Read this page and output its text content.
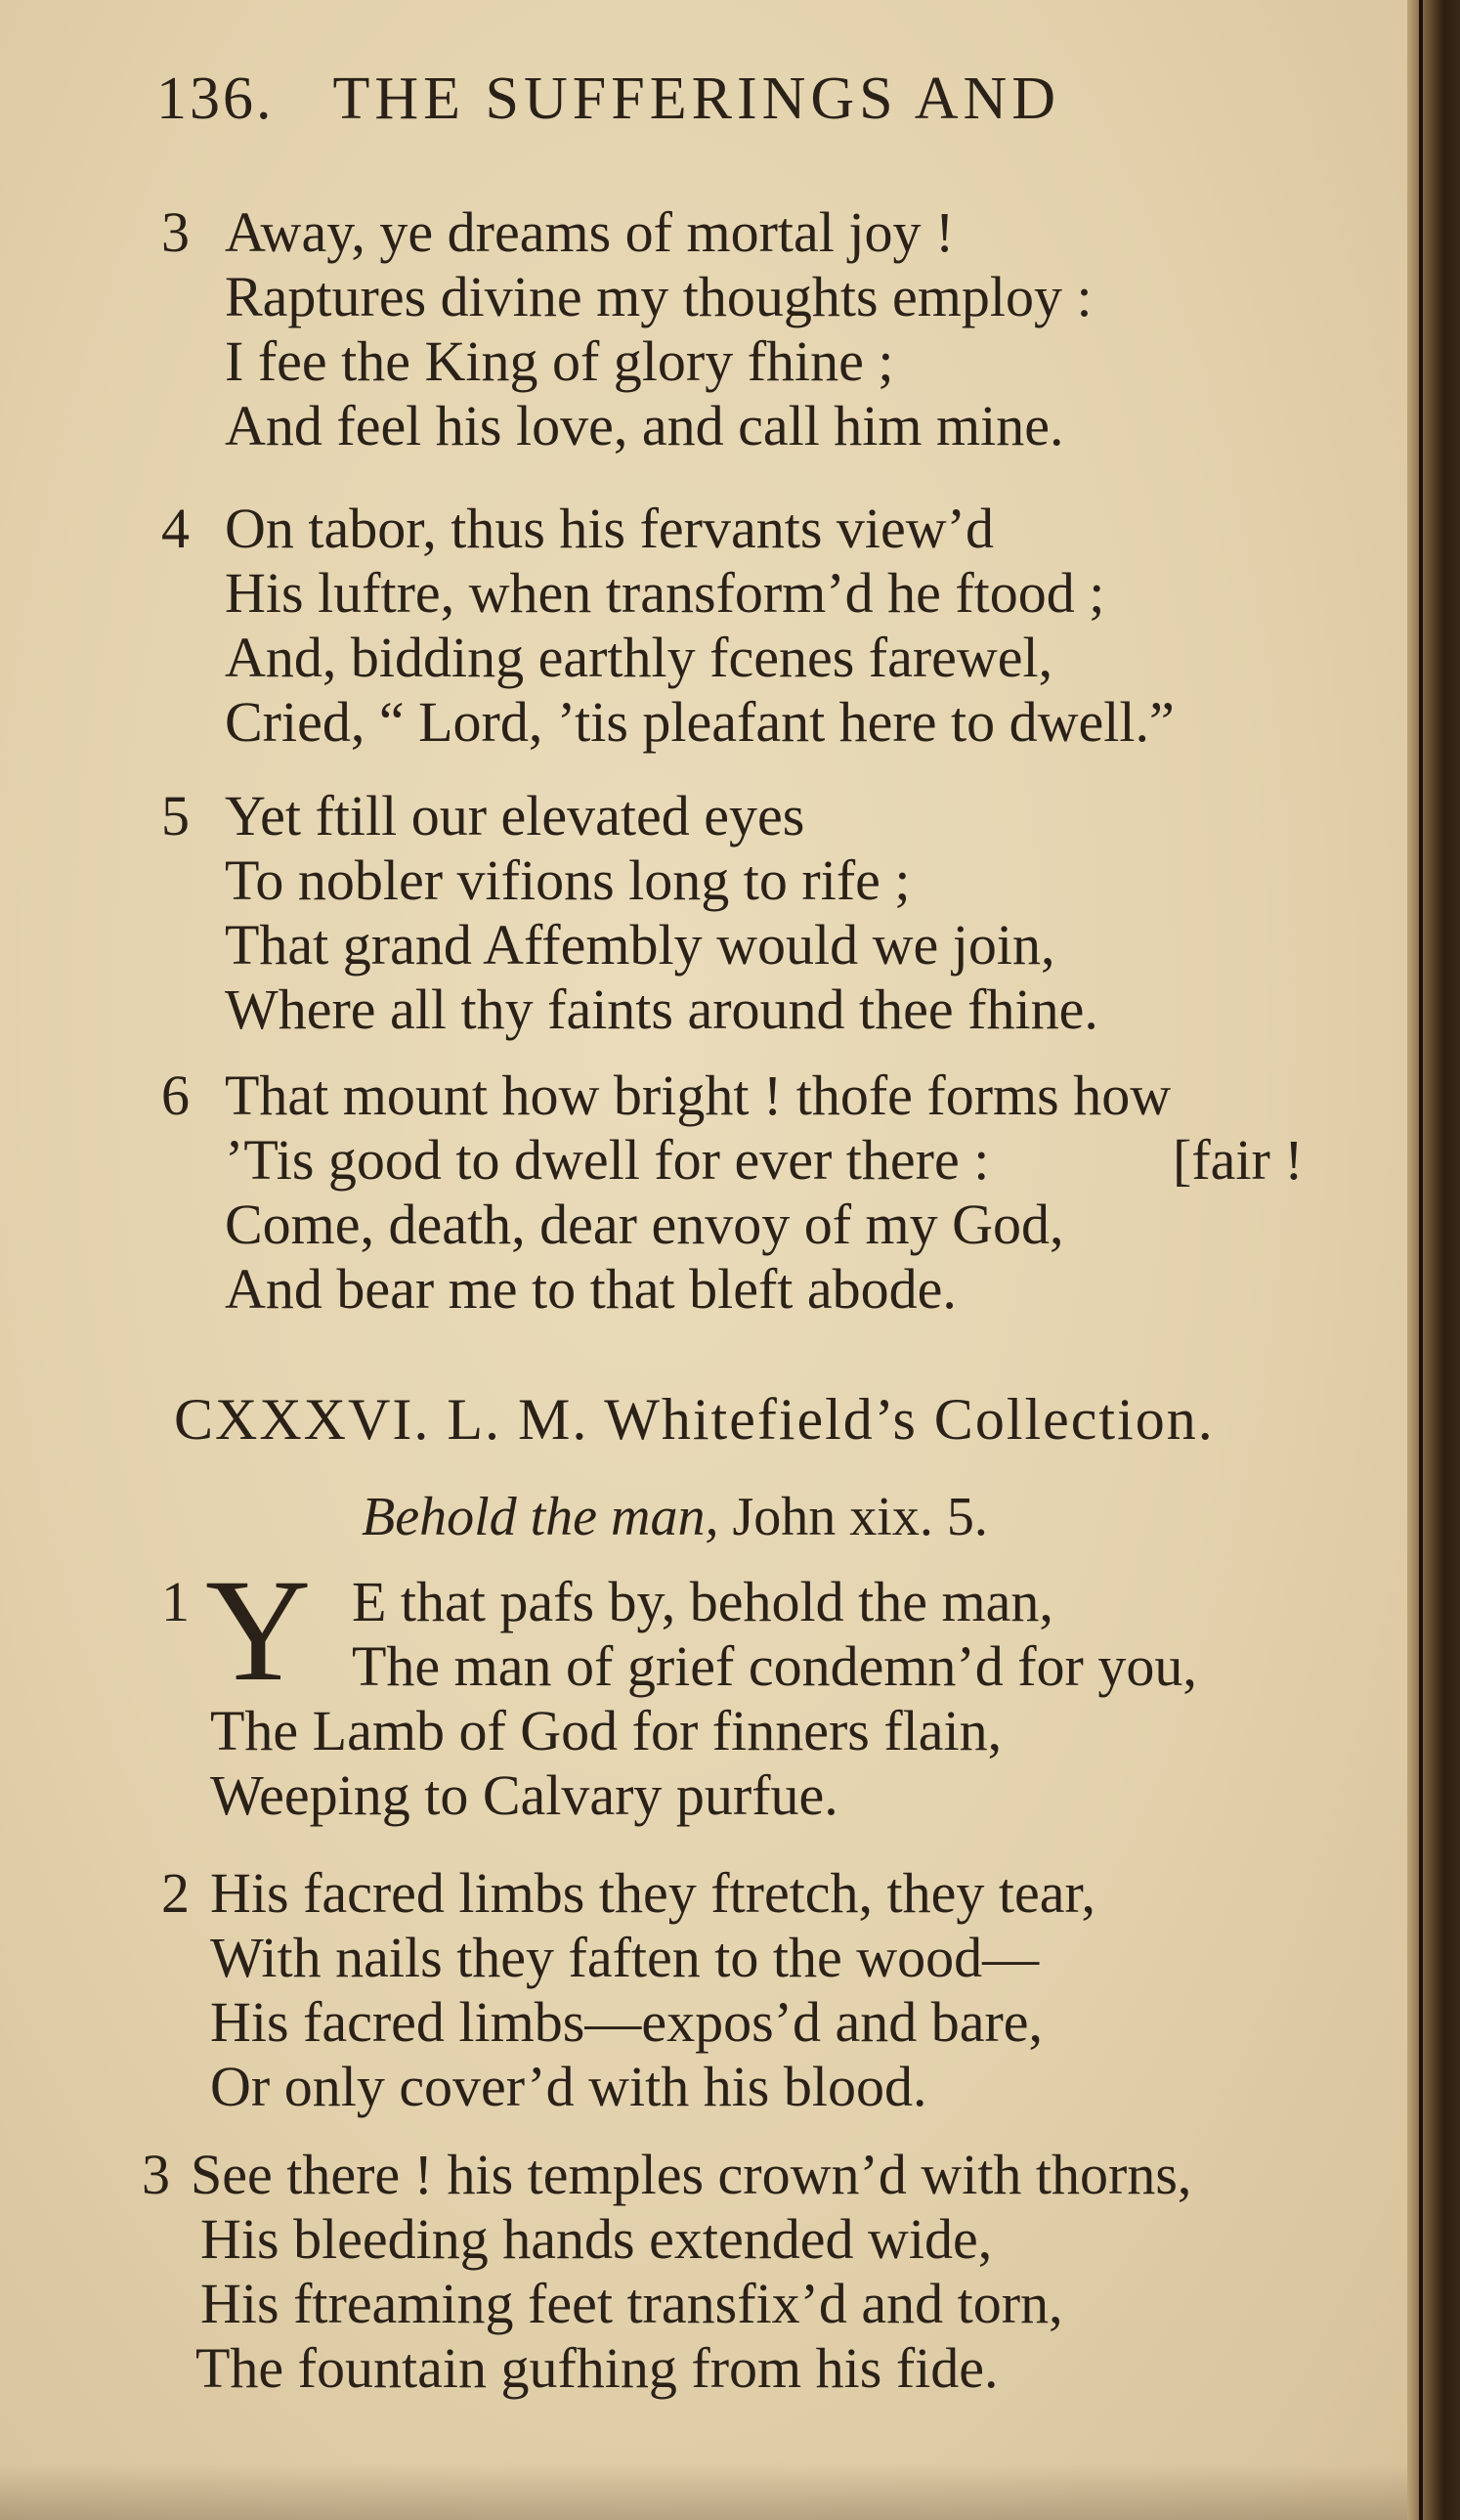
136. THE SUFFERINGS AND
3 Away, ye dreams of mortal joy !
Raptures divine my thoughts employ :
I fee the King of glory fhine ;
And feel his love, and call him mine.
4 On tabor, thus his fervants view’d
His luftre, when transform’d he ftood ;
And, bidding earthly fcenes farewel,
Cried, “ Lord, ’tis pleafant here to dwell.”
5 Yet ftill our elevated eyes
To nobler vifions long to rife ;
That grand Affembly would we join,
Where all thy faints around thee fhine.
6 That mount how bright ! thofe forms how
’Tis good to dwell for ever there :
Come, death, dear envoy of my God,
And bear me to that bleft abode.
[fair !
CXXXVI. L. M. Whitefield’s Collection.
Behold the man, John xix. 5.
1	E that pafs by, behold the man,
The man of grief condemn’d for you,
The Lamb of God for finners flain,
Weeping to Calvary purfue.
Y
2 His facred limbs they ftretch, they tear,
With nails they faften to the wood—
His facred limbs—expos’d and bare,
Or only cover’d with his blood.
3 See there ! his temples crown’d with thorns,
His bleeding hands extended wide,
His ftreaming feet transfix’d and torn,
The fountain gufhing from his fide.
